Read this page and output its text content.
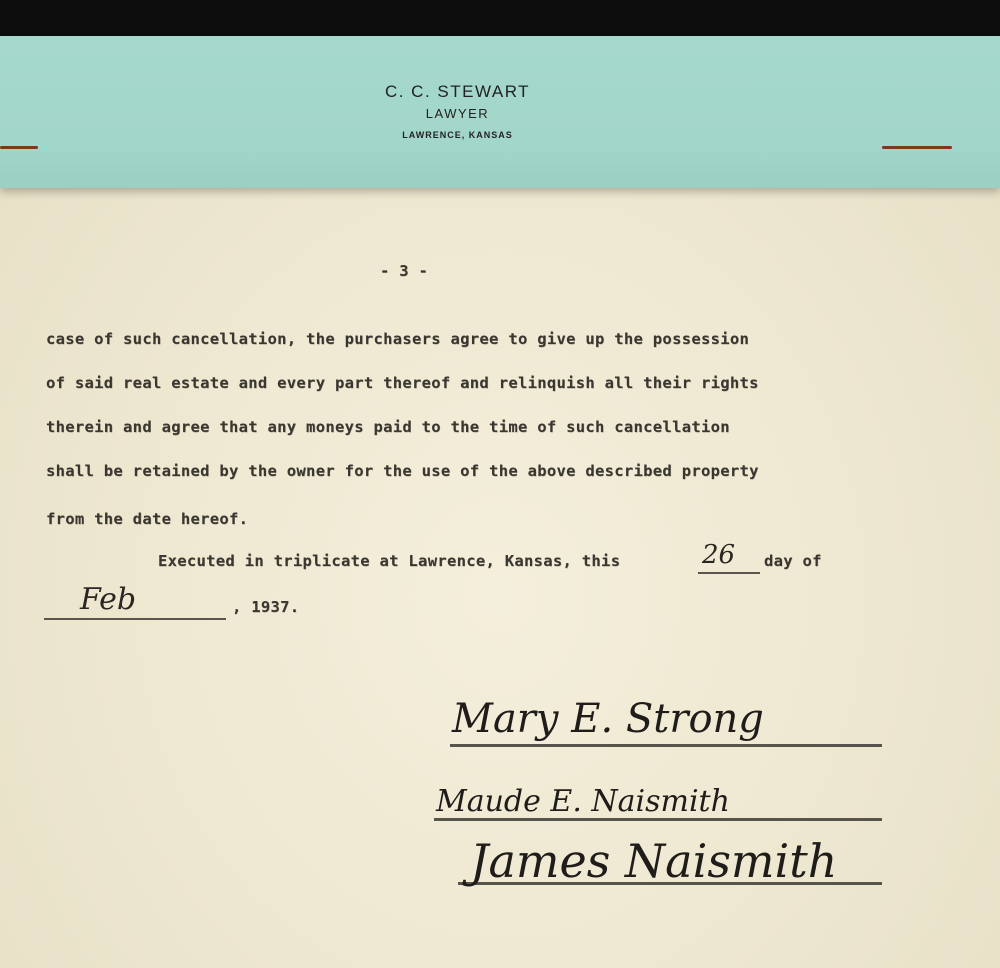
C. C. STEWART
LAWYER
LAWRENCE, KANSAS
- 3 -
case of such cancellation, the purchasers agree to give up the possession
of said real estate and every part thereof and relinquish all their rights
therein and agree that any moneys paid to the time of such cancellation
shall be retained by the owner for the use of the above described property
from the date hereof.
Executed in triplicate at Lawrence, Kansas, this	26 day of
Feb	, 1937.
Mary E. Strong
Maude E. Naismith
James Naismith
